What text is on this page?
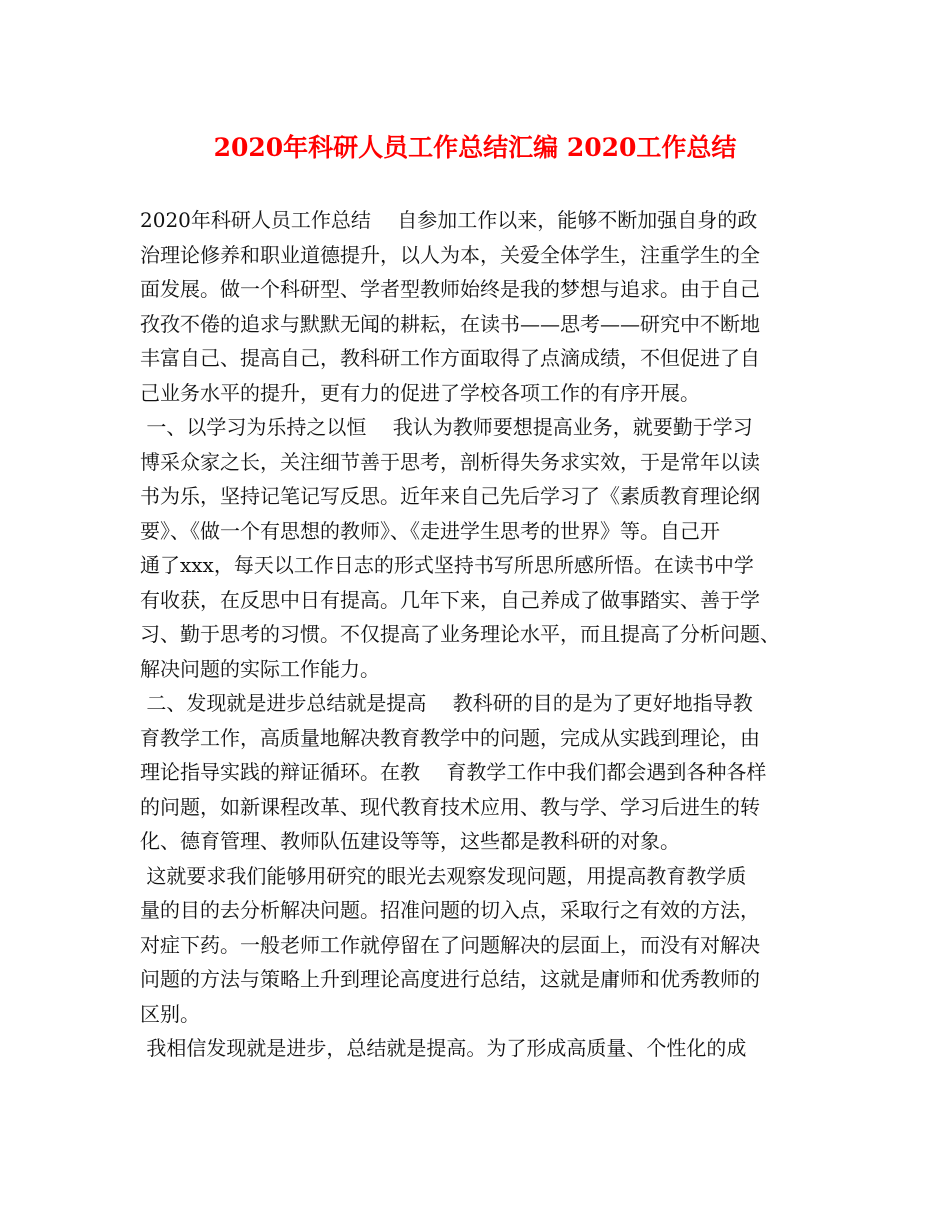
2020年科研人员工作总结汇编 2020工作总结
2020年科研人员工作总结　 自参加工作以来，能够不断加强自身的政
治理论修养和职业道德提升，以人为本，关爱全体学生，注重学生的全
面发展。做一个科研型、学者型教师始终是我的梦想与追求。由于自己
孜孜不倦的追求与默默无闻的耕耘，在读书——思考——研究中不断地
丰富自己、提高自己，教科研工作方面取得了点滴成绩，不但促进了自
己业务水平的提升，更有力的促进了学校各项工作的有序开展。
一、以学习为乐持之以恒　 我认为教师要想提高业务，就要勤于学习
博采众家之长，关注细节善于思考，剖析得失务求实效，于是常年以读
书为乐，坚持记笔记写反思。近年来自己先后学习了《素质教育理论纲
要》、《做一个有思想的教师》、《走进学生思考的世界》等。自己开
通了xxx，每天以工作日志的形式坚持书写所思所感所悟。在读书中学
有收获，在反思中日有提高。几年下来，自己养成了做事踏实、善于学
习、勤于思考的习惯。不仅提高了业务理论水平，而且提高了分析问题、
解决问题的实际工作能力。
二、发现就是进步总结就是提高　 教科研的目的是为了更好地指导教
育教学工作，高质量地解决教育教学中的问题，完成从实践到理论，由
理论指导实践的辩证循环。在教　 育教学工作中我们都会遇到各种各样
的问题，如新课程改革、现代教育技术应用、教与学、学习后进生的转
化、德育管理、教师队伍建设等等，这些都是教科研的对象。
这就要求我们能够用研究的眼光去观察发现问题，用提高教育教学质
量的目的去分析解决问题。招准问题的切入点，采取行之有效的方法，
对症下药。一般老师工作就停留在了问题解决的层面上，而没有对解决
问题的方法与策略上升到理论高度进行总结，这就是庸师和优秀教师的
区别。
我相信发现就是进步，总结就是提高。为了形成高质量、个性化的成
